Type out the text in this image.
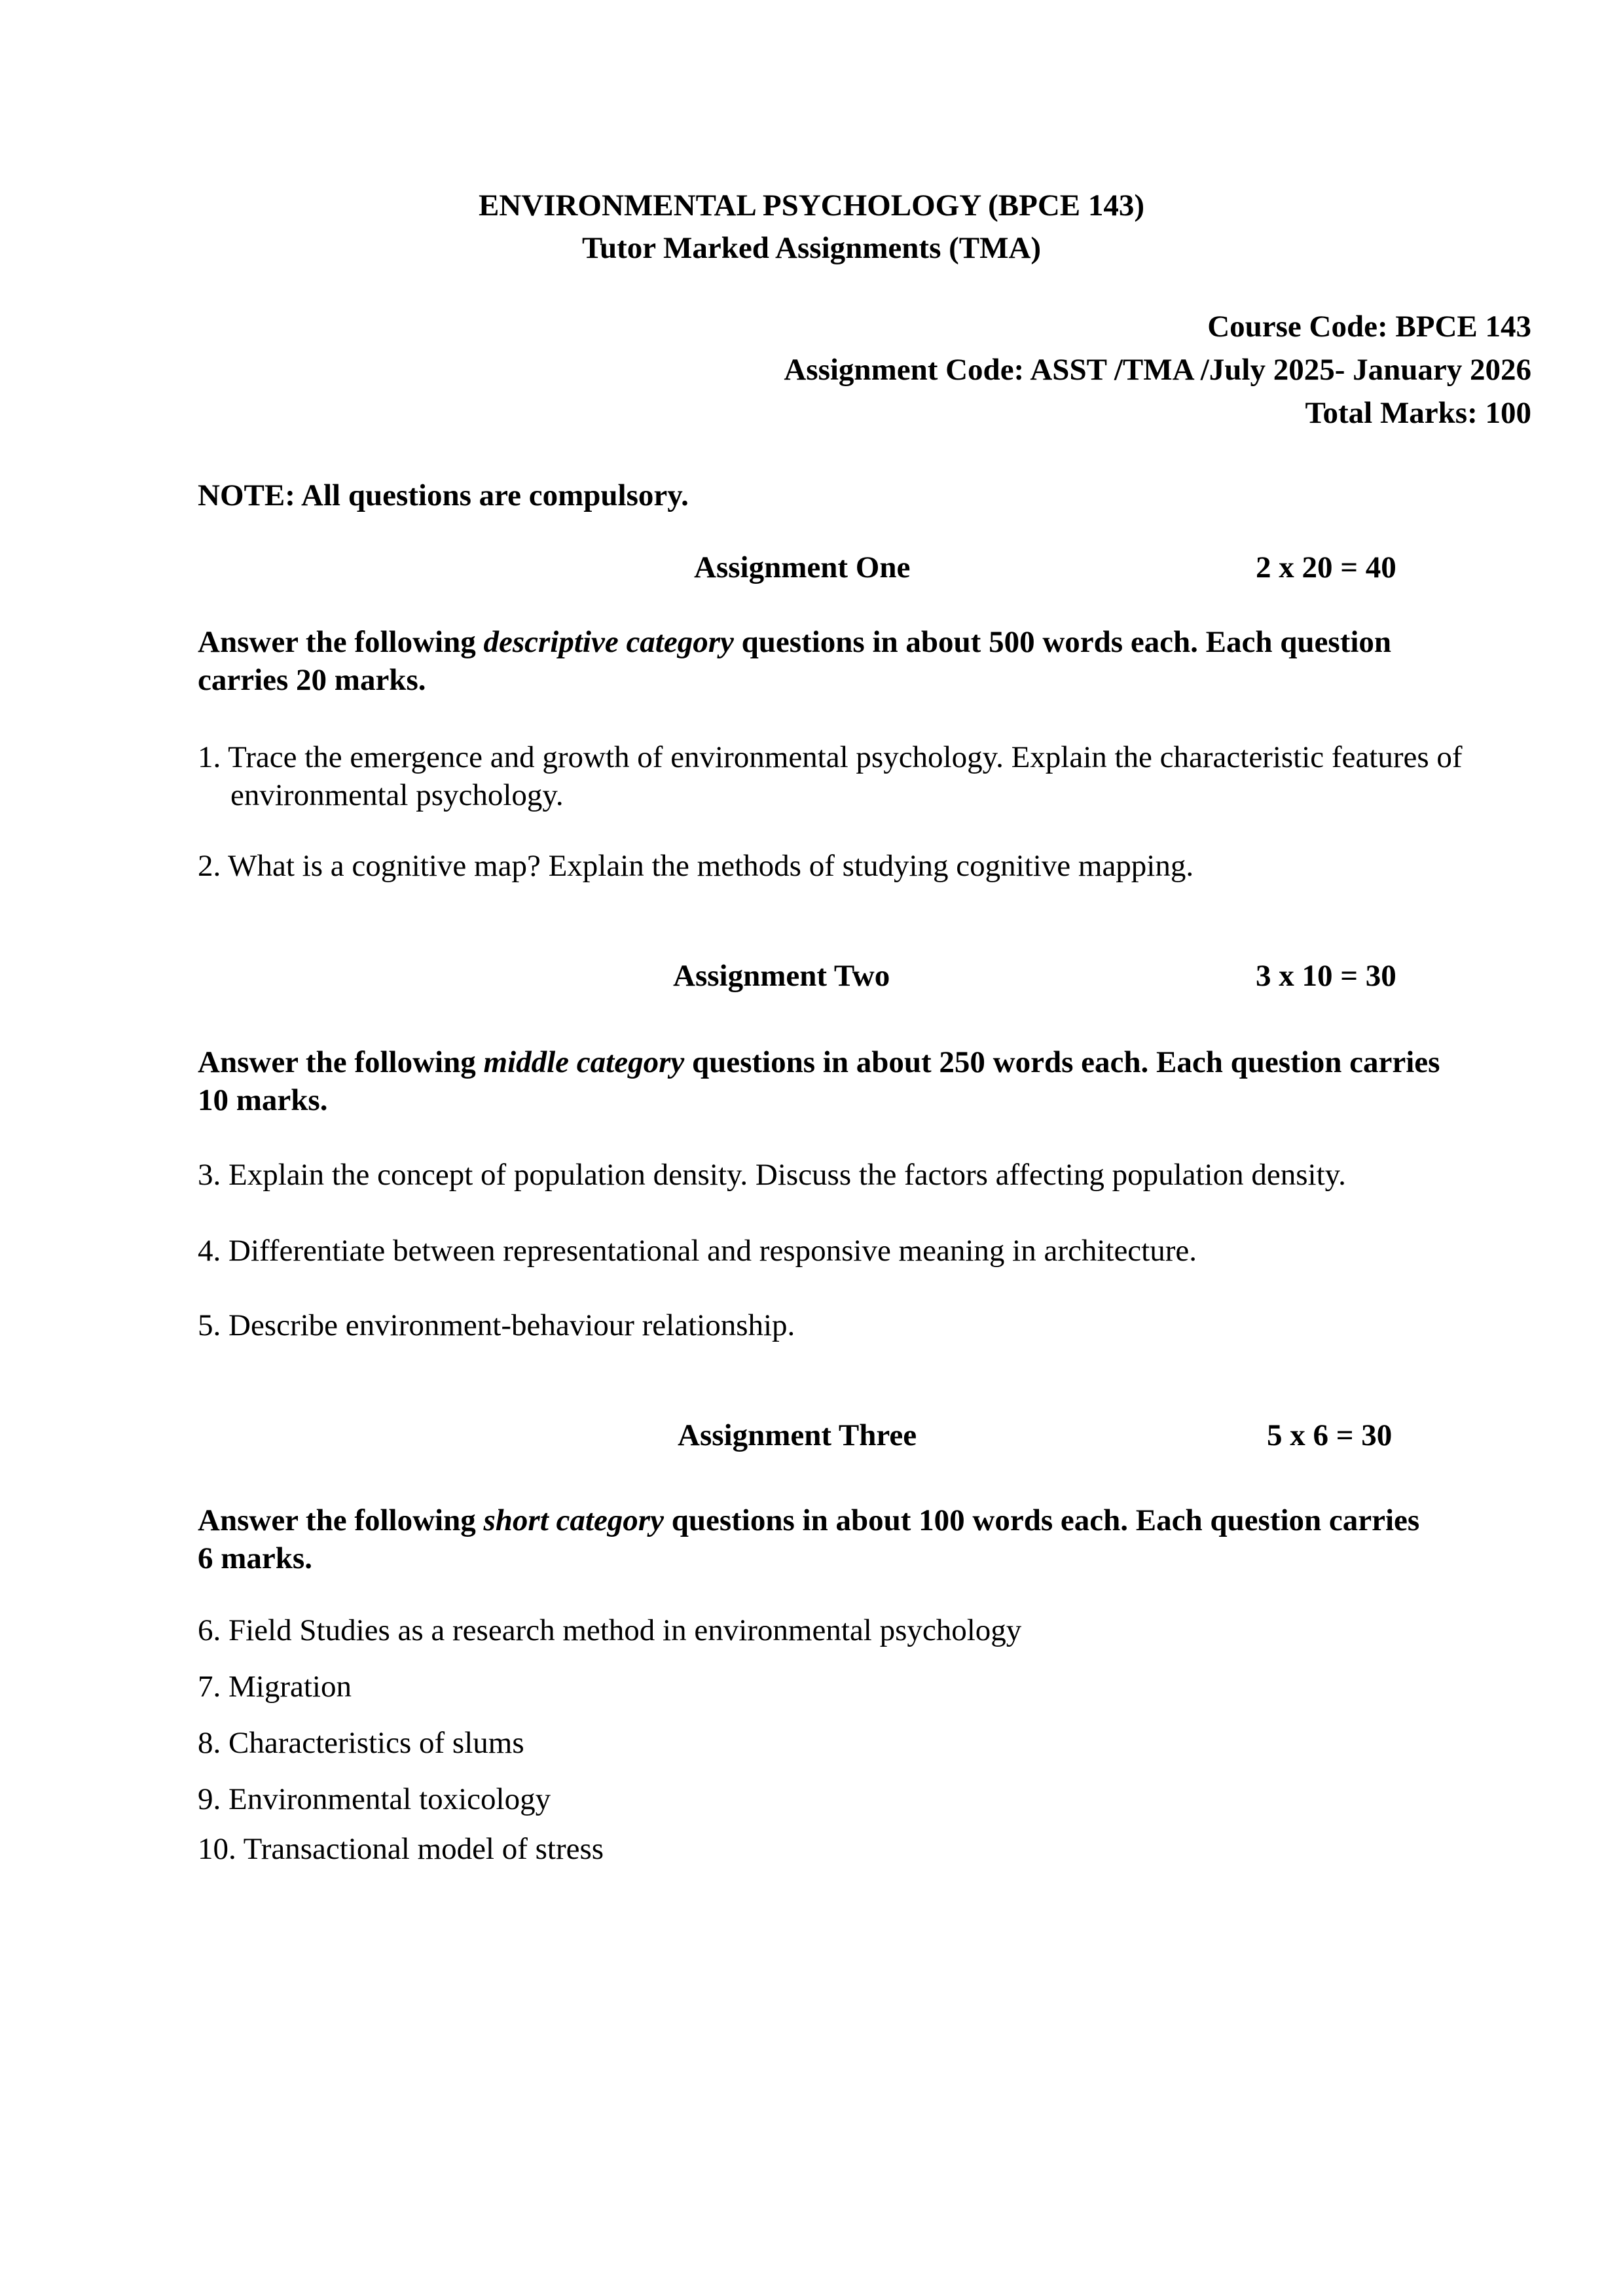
ENVIRONMENTAL PSYCHOLOGY (BPCE 143)
Tutor Marked Assignments (TMA)
Course Code: BPCE 143
Assignment Code: ASST /TMA /July 2025- January 2026
Total Marks: 100
NOTE: All questions are compulsory.
Assignment One	2 x 20 = 40
Answer the following descriptive category questions in about 500 words each. Each question carries 20 marks.
1. Trace the emergence and growth of environmental psychology. Explain the characteristic features of environmental psychology.
2. What is a cognitive map? Explain the methods of studying cognitive mapping.
Assignment Two	3 x 10 = 30
Answer the following middle category questions in about 250 words each. Each question carries 10 marks.
3. Explain the concept of population density. Discuss the factors affecting population density.
4. Differentiate between representational and responsive meaning in architecture.
5. Describe environment-behaviour relationship.
Assignment Three	5 x 6 = 30
Answer the following short category questions in about 100 words each. Each question carries 6 marks.
6. Field Studies as a research method in environmental psychology
7. Migration
8. Characteristics of slums
9. Environmental toxicology
10. Transactional model of stress
